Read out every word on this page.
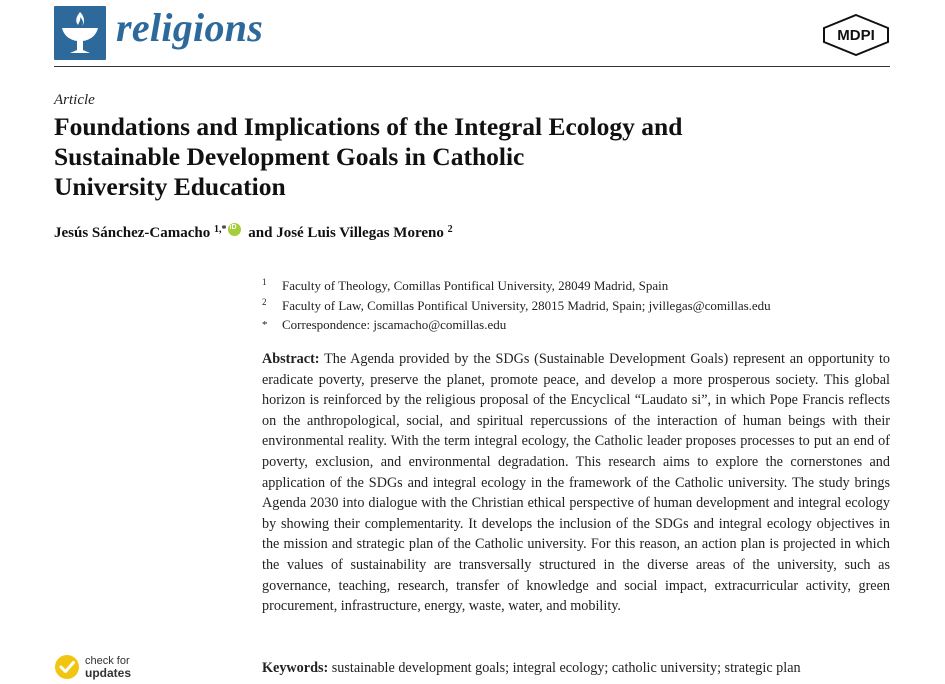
religions	MDPI
Article
Foundations and Implications of the Integral Ecology and
Sustainable Development Goals in Catholic
University Education
Jesús Sánchez-Camacho $^{1,*}$iD and José Luis Villegas Moreno $^2$
1 Faculty of Theology, Comillas Pontifical University, 28049 Madrid, Spain
2 Faculty of Law, Comillas Pontifical University, 28015 Madrid, Spain; jvillegas@comillas.edu
* Correspondence: jscamacho@comillas.edu

Abstract: The Agenda provided by the SDGs (Sustainable Development Goals) represent an opportunity to eradicate poverty, preserve the planet, promote peace, and develop a more prosperous society. This global horizon is reinforced by the religious proposal of the Encyclical “Laudato si”, in which Pope Francis reflects on the anthropological, social, and spiritual repercussions of the interaction of human beings with their environmental reality. With the term integral ecology, the Catholic leader proposes processes to put an end of poverty, exclusion, and environmental degradation. This research aims to explore the cornerstones and application of the SDGs and integral ecology in the framework of the Catholic university. The study brings Agenda 2030 into dialogue with the Christian ethical perspective of human development and integral ecology by showing their complementarity. It develops the inclusion of the SDGs and integral ecology objectives in the mission and strategic plan of the Catholic university. For this reason, an action plan is projected in which the values of sustainability are transversally structured in the diverse areas of the university, such as governance, teaching, research, transfer of knowledge and social impact, extracurricular activity, green procurement, infrastructure, energy, waste, water, and mobility.

check for
updates	Keywords: sustainable development goals; integral ecology; catholic university; strategic plan
